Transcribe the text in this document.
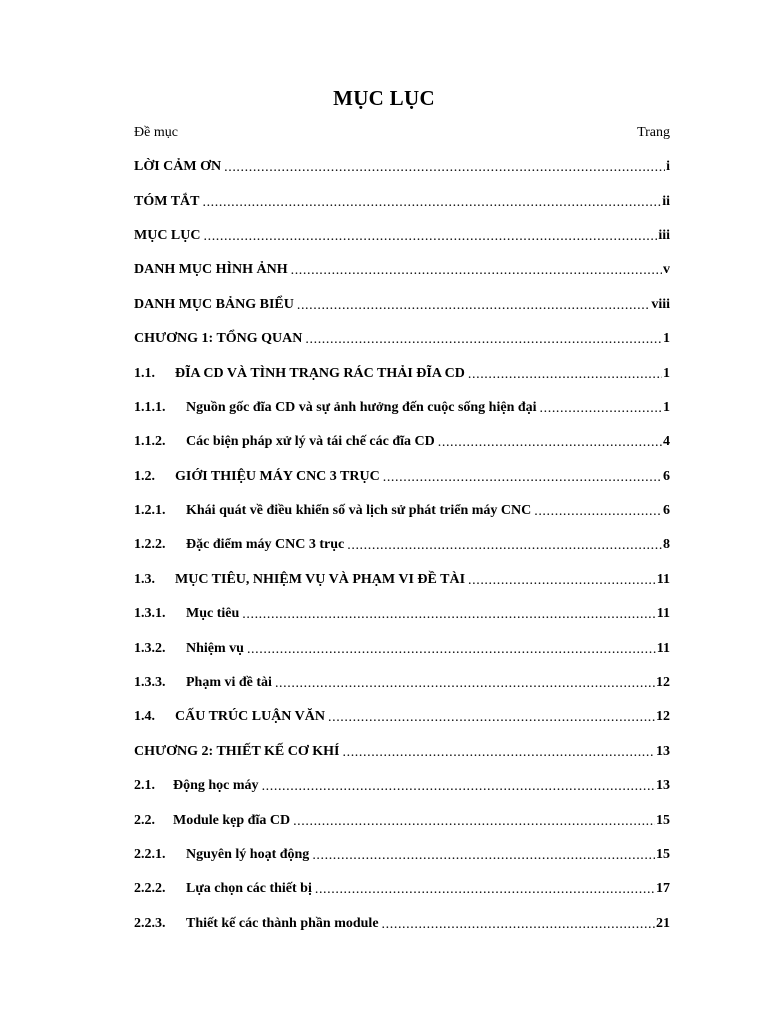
MỤC LỤC
Đề mục	Trang
LỜI CẢM ƠN .....	i
TÓM TẮT .....	ii
MỤC LỤC .....	iii
DANH MỤC HÌNH ẢNH .....	v
DANH MỤC BẢNG BIỂU .....	viii
CHƯƠNG 1: TỔNG QUAN .....	1
1.1.	ĐĨA CD VÀ TÌNH TRẠNG RÁC THẢI ĐĨA CD .....	1
1.1.1.	Nguồn gốc đĩa CD và sự ảnh hưởng đến cuộc sống hiện đại .....	1
1.1.2.	Các biện pháp xử lý và tái chế các đĩa CD .....	4
1.2.	GIỚI THIỆU MÁY CNC 3 TRỤC .....	6
1.2.1.	Khái quát về điều khiển số và lịch sử phát triển máy CNC .....	6
1.2.2.	Đặc điểm máy CNC 3 trục .....	8
1.3.	MỤC TIÊU, NHIỆM VỤ VÀ PHẠM VI ĐỀ TÀI .....	11
1.3.1.	Mục tiêu .....	11
1.3.2.	Nhiệm vụ .....	11
1.3.3.	Phạm vi đề tài .....	12
1.4.	CẤU TRÚC LUẬN VĂN .....	12
CHƯƠNG 2: THIẾT KẾ CƠ KHÍ .....	13
2.1.	Động học máy .....	13
2.2.	Module kẹp đĩa CD .....	15
2.2.1.	Nguyên lý hoạt động .....	15
2.2.2.	Lựa chọn các thiết bị .....	17
2.2.3.	Thiết kế các thành phần module .....	21
